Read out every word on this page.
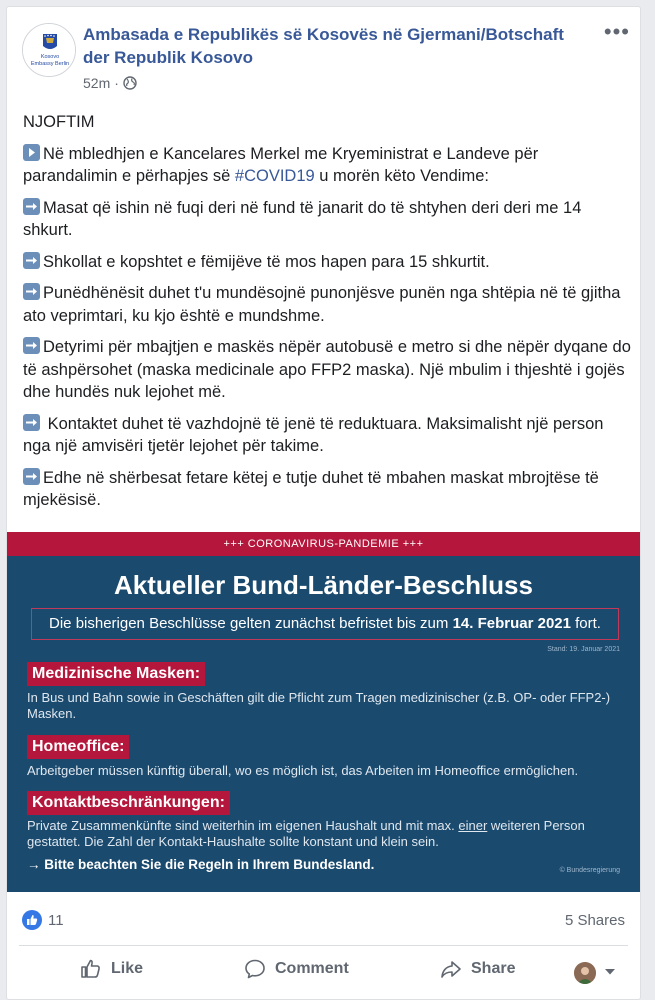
Kosovo Embassy Berlin
Ambasada e Republikës së Kosovës në Gjermani/Botschaft der Republik Kosovo
52m ·
•••

NJOFTIM

Në mbledhjen e Kancelares Merkel me Kryeministrat e Landeve për parandalimin e përhapjes së #COVID19 u morën këto Vendime:

Masat që ishin në fuqi deri në fund të janarit do të shtyhen deri deri me 14 shkurt.

Shkollat e kopshtet e fëmijëve të mos hapen para 15 shkurtit.

Punëdhënësit duhet t'u mundësojnë punonjësve punën nga shtëpia në të gjitha ato veprimtari, ku kjo është e mundshme.

Detyrimi për mbajtjen e maskës nëpër autobusë e metro si dhe nëpër dyqane do të ashpërsohet (maska medicinale apo FFP2 maska). Një mbulim i thjeshtë i gojës dhe hundës nuk lejohet më.

Kontaktet duhet të vazhdojnë të jenë të reduktuara. Maksimalisht një person nga një amvisëri tjetër lejohet për takime.

Edhe në shërbesat fetare këtej e tutje duhet të mbahen maskat mbrojtëse të mjekësisë.

+++ CORONAVIRUS-PANDEMIE +++
Aktueller Bund-Länder-Beschluss
Die bisherigen Beschlüsse gelten zunächst befristet bis zum 14. Februar 2021 fort.
Stand: 19. Januar 2021
Medizinische Masken:
In Bus und Bahn sowie in Geschäften gilt die Pflicht zum Tragen medizinischer (z.B. OP- oder FFP2-) Masken.
Homeoffice:
Arbeitgeber müssen künftig überall, wo es möglich ist, das Arbeiten im Homeoffice ermöglichen.
Kontaktbeschränkungen:
Private Zusammenkünfte sind weiterhin im eigenen Haushalt und mit max. einer weiteren Person gestattet. Die Zahl der Kontakt-Haushalte sollte konstant und klein sein.
→ Bitte beachten Sie die Regeln in Ihrem Bundesland.	© Bundesregierung
11	5 Shares
Like	Comment	Share
